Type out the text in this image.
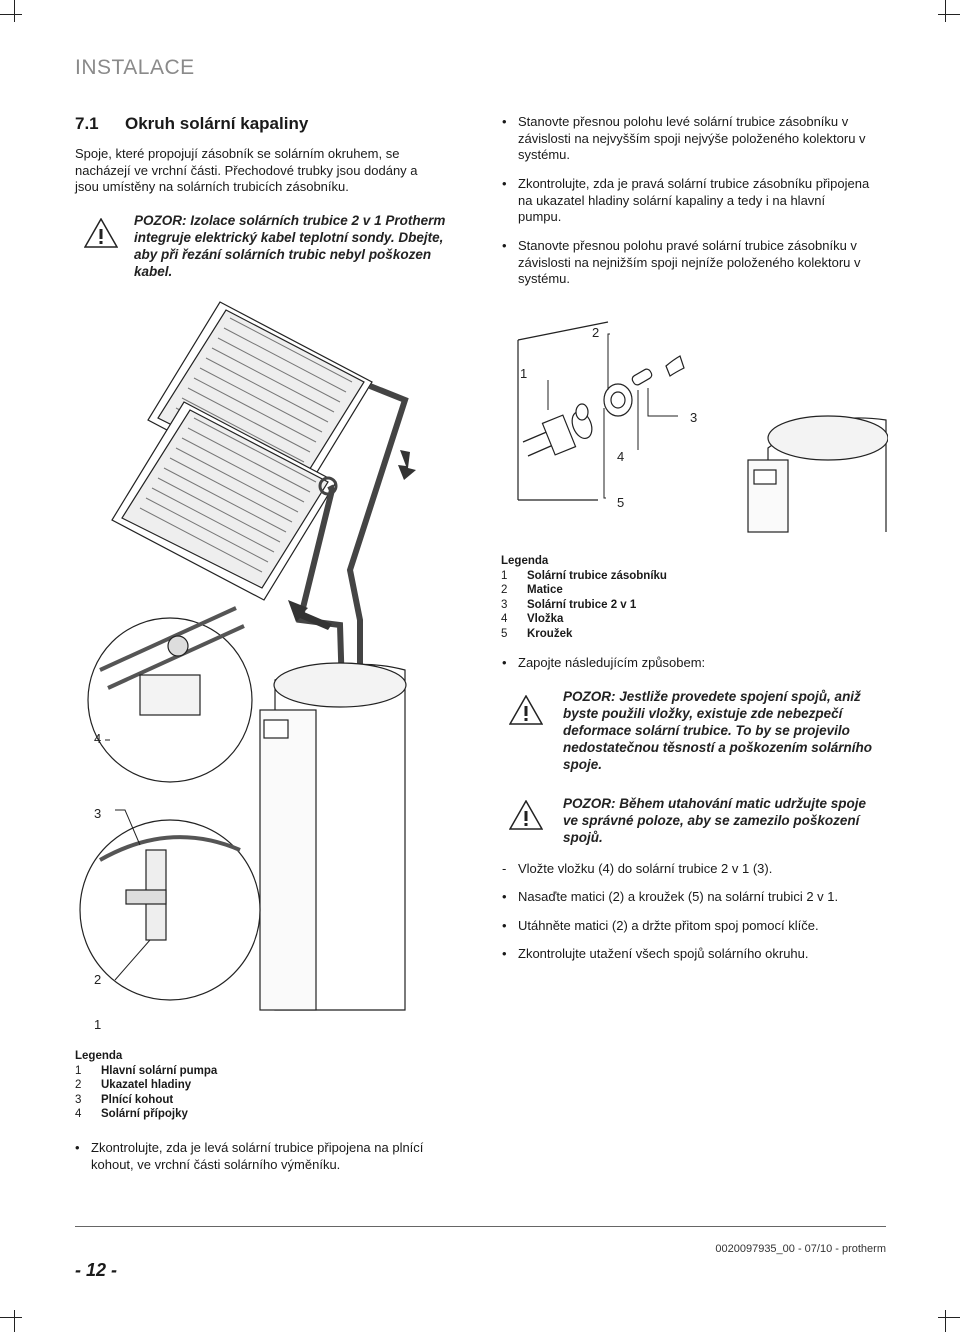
INSTALACE
7.1 Okruh solární kapaliny
Spoje, které propojují zásobník se solárním okruhem, se
nacházejí ve vrchní části. Přechodové trubky jsou dodány a
jsou umístěny na solárních trubicích zásobníku.
POZOR: Izolace solárních trubice 2 v 1 Protherm
integruje elektrický kabel teplotní sondy. Dbejte,
aby při řezání solárních trubic nebyl poškozen
kabel.
• Stanovte přesnou polohu levé solární trubice zásobníku v
závislosti na nejvyšším spoji nejvýše položeného kolektoru v
systému.
• Zkontrolujte, zda je pravá solární trubice zásobníku připojena
na ukazatel hladiny solární kapaliny a tedy i na hlavní
pumpu.
• Stanovte přesnou polohu pravé solární trubice zásobníku v
závislosti na nejnižším spoji nejníže položeného kolektoru v
systému.
4
3
2
1
1
2
3
4
5
Legenda
1	Solární trubice zásobníku
2	Matice
3	Solární trubice 2 v 1
4	Vložka
5	Kroužek
• Zapojte následujícím způsobem:
POZOR: Jestliže provedete spojení spojů, aniž
byste použili vložky, existuje zde nebezpečí
deformace solární trubice. To by se projevilo
nedostatečnou těsností a poškozením solárního
spoje.
POZOR: Během utahování matic udržujte spoje
ve správné poloze, aby se zamezilo poškození
spojů.
- Vložte vložku (4) do solární trubice 2 v 1 (3).
• Nasaďte matici (2) a kroužek (5) na solární trubici 2 v 1.
• Utáhněte matici (2) a držte přitom spoj pomocí klíče.
• Zkontrolujte utažení všech spojů solárního okruhu.
Legenda
1	Hlavní solární pumpa
2	Ukazatel hladiny
3	Plnící kohout
4	Solární přípojky
• Zkontrolujte, zda je levá solární trubice připojena na plnící
kohout, ve vrchní části solárního výměníku.
- 12 -
0020097935_00 - 07/10 - protherm
